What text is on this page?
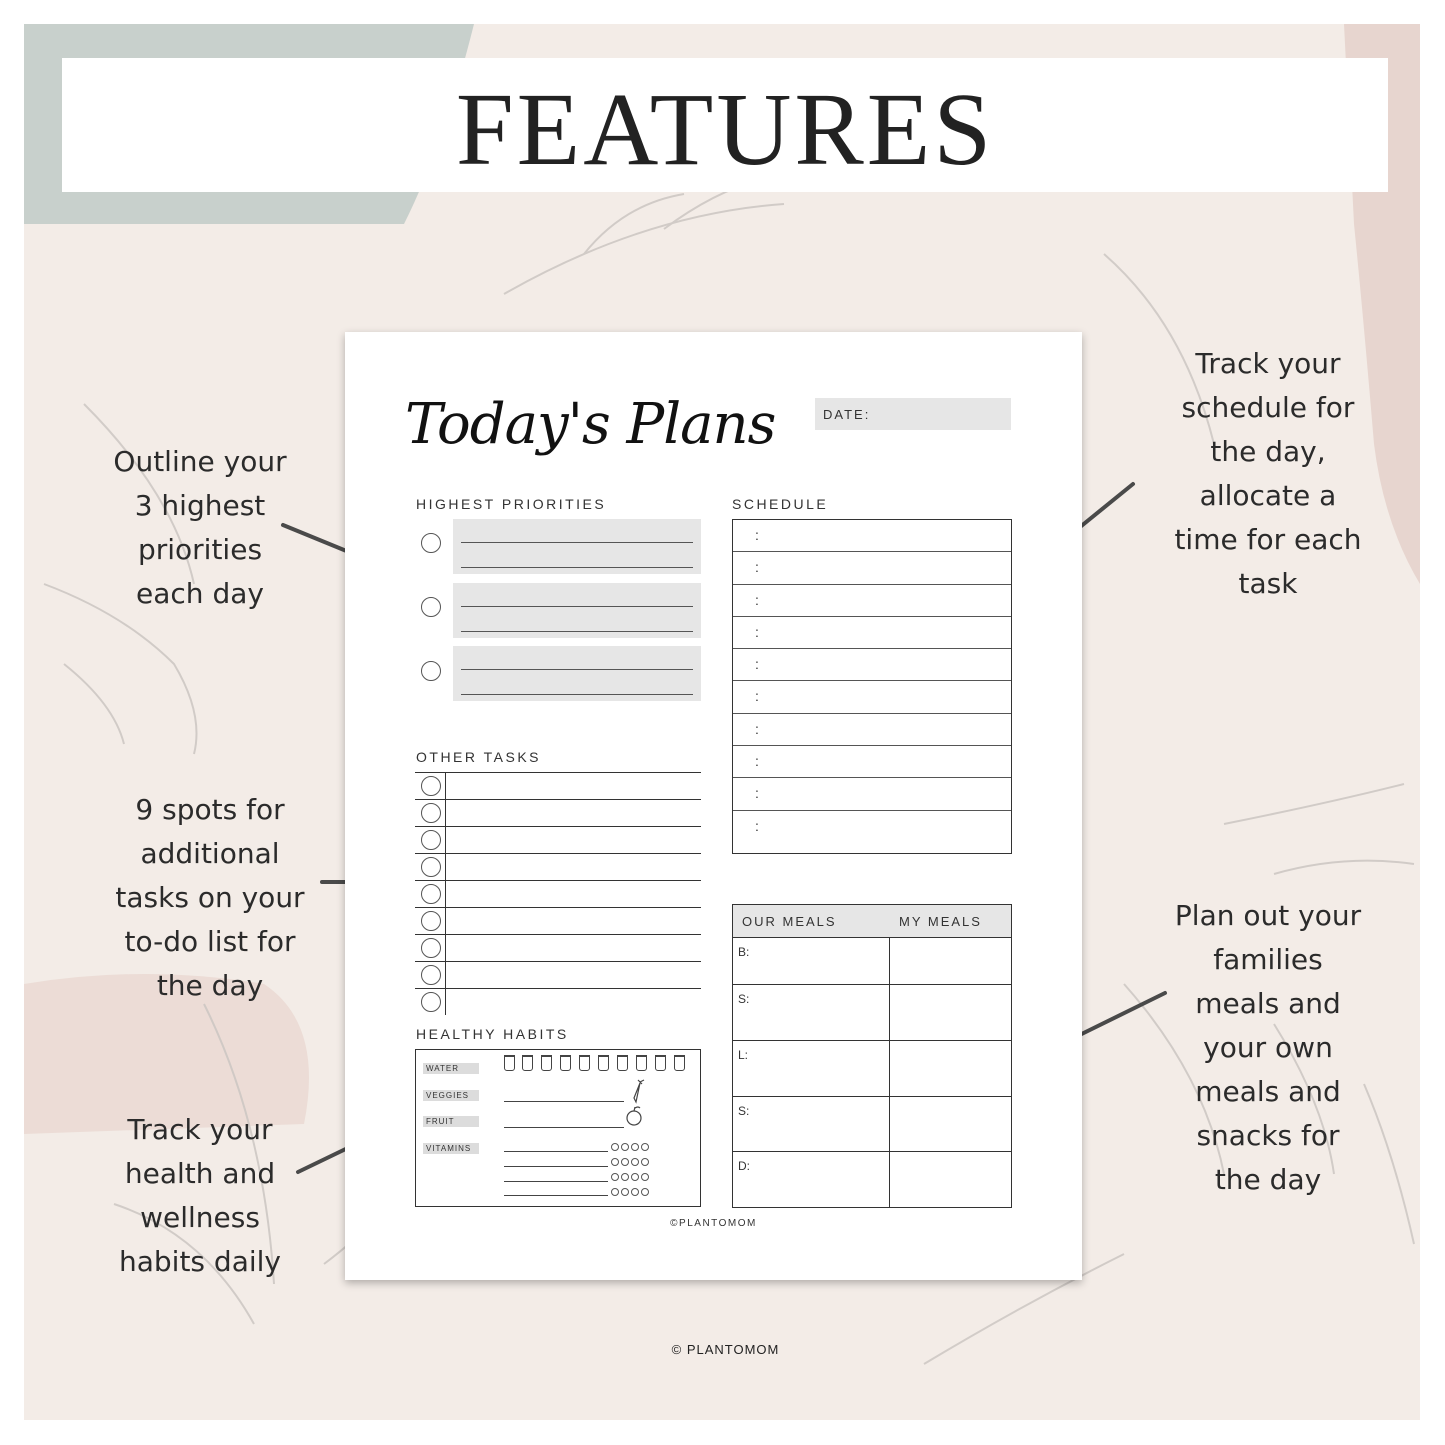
FEATURES
Outline your
3 highest
priorities
each day
9 spots for
additional
tasks on your
to-do list for
the day
Track your
health and
wellness
habits daily
Track your
schedule for
the day,
allocate a
time for each
task
Plan out your
families
meals and
your own
meals and
snacks for
the day
Today's Plans	DATE:
HIGHEST PRIORITIES	SCHEDULE
:
:
:
:
:
:
:
:
:
:
OTHER TASKS
HEALTHY HABITS
WATER
VEGGIES
FRUIT
VITAMINS
OUR MEALS	MY MEALS
B:
S:
L:
S:
D:
©PLANTOMOM
© PLANTOMOM
